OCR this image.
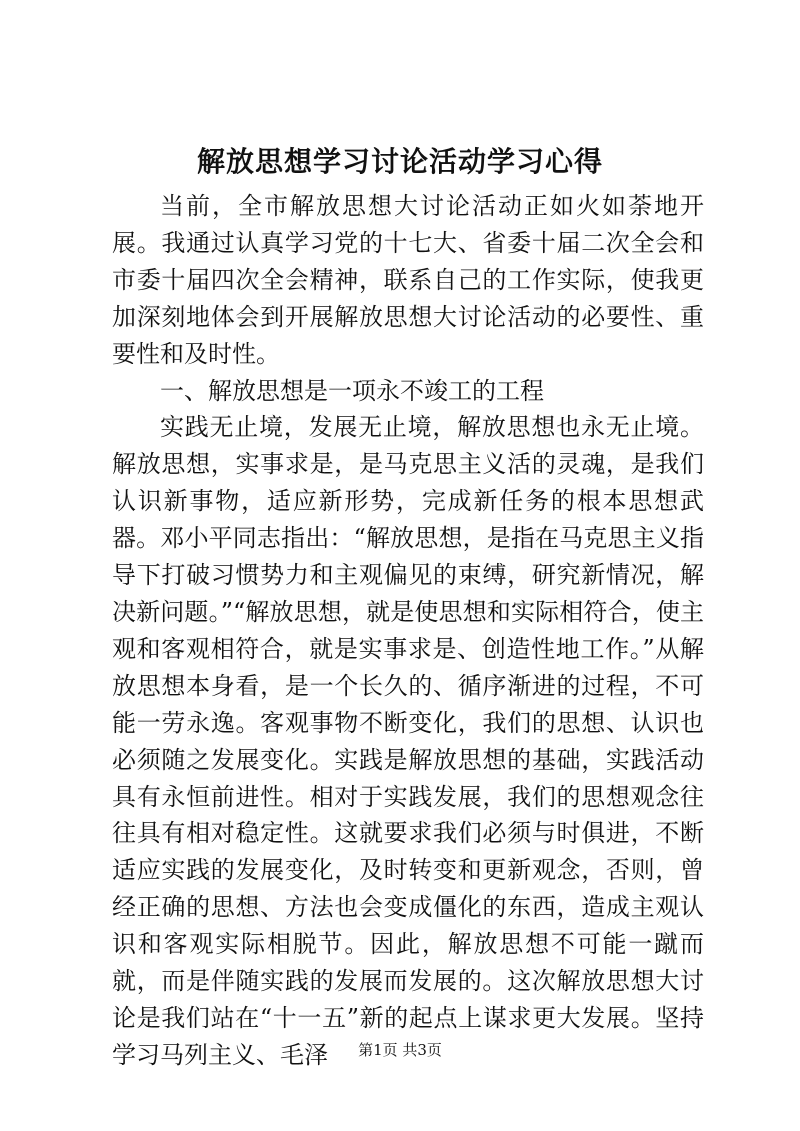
解放思想学习讨论活动学习心得

当前，全市解放思想大讨论活动正如火如荼地开展。我通过认真学习党的十七大、省委十届二次全会和市委十届四次全会精神，联系自己的工作实际，使我更加深刻地体会到开展解放思想大讨论活动的必要性、重要性和及时性。

一、解放思想是一项永不竣工的工程

实践无止境，发展无止境，解放思想也永无止境。解放思想，实事求是，是马克思主义活的灵魂，是我们认识新事物，适应新形势，完成新任务的根本思想武器。邓小平同志指出：“解放思想，是指在马克思主义指导下打破习惯势力和主观偏见的束缚，研究新情况，解决新问题。”“解放思想，就是使思想和实际相符合，使主观和客观相符合，就是实事求是、创造性地工作。”从解放思想本身看，是一个长久的、循序渐进的过程，不可能一劳永逸。客观事物不断变化，我们的思想、认识也必须随之发展变化。实践是解放思想的基础，实践活动具有永恒前进性。相对于实践发展，我们的思想观念往往具有相对稳定性。这就要求我们必须与时俱进，不断适应实践的发展变化，及时转变和更新观念，否则，曾经正确的思想、方法也会变成僵化的东西，造成主观认识和客观实际相脱节。因此，解放思想不可能一蹴而就，而是伴随实践的发展而发展的。这次解放思想大讨论是我们站在“十一五”新的起点上谋求更大发展。坚持学习马列主义、毛泽	第1页 共3页
